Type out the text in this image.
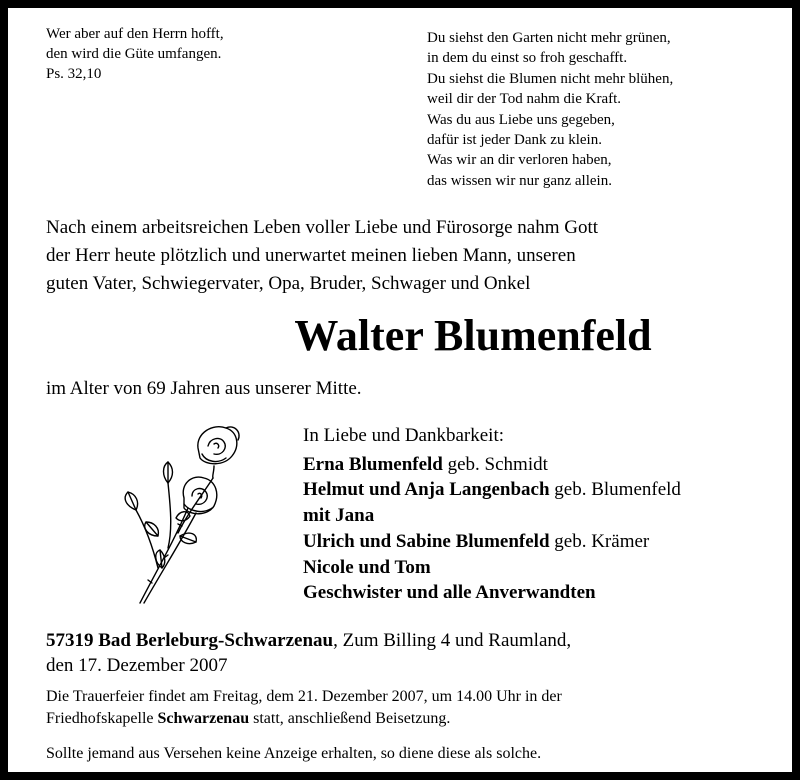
Wer aber auf den Herrn hofft,
den wird die Güte umfangen.
Ps. 32,10
Du siehst den Garten nicht mehr grünen,
in dem du einst so froh geschafft.
Du siehst die Blumen nicht mehr blühen,
weil dir der Tod nahm die Kraft.
Was du aus Liebe uns gegeben,
dafür ist jeder Dank zu klein.
Was wir an dir verloren haben,
das wissen wir nur ganz allein.
Nach einem arbeitsreichen Leben voller Liebe und Fürosorge nahm Gott
der Herr heute plötzlich und unerwartet meinen lieben Mann, unseren
guten Vater, Schwiegervater, Opa, Bruder, Schwager und Onkel
Walter Blumenfeld
im Alter von 69 Jahren aus unserer Mitte.
In Liebe und Dankbarkeit:
Erna Blumenfeld geb. Schmidt
Helmut und Anja Langenbach geb. Blumenfeld
mit Jana
Ulrich und Sabine Blumenfeld geb. Krämer
Nicole und Tom
Geschwister und alle Anverwandten
57319 Bad Berleburg-Schwarzenau, Zum Billing 4 und Raumland,
den 17. Dezember 2007
Die Trauerfeier findet am Freitag, dem 21. Dezember 2007, um 14.00 Uhr in der
Friedhofskapelle Schwarzenau statt, anschließend Beisetzung.
Sollte jemand aus Versehen keine Anzeige erhalten, so diene diese als solche.
